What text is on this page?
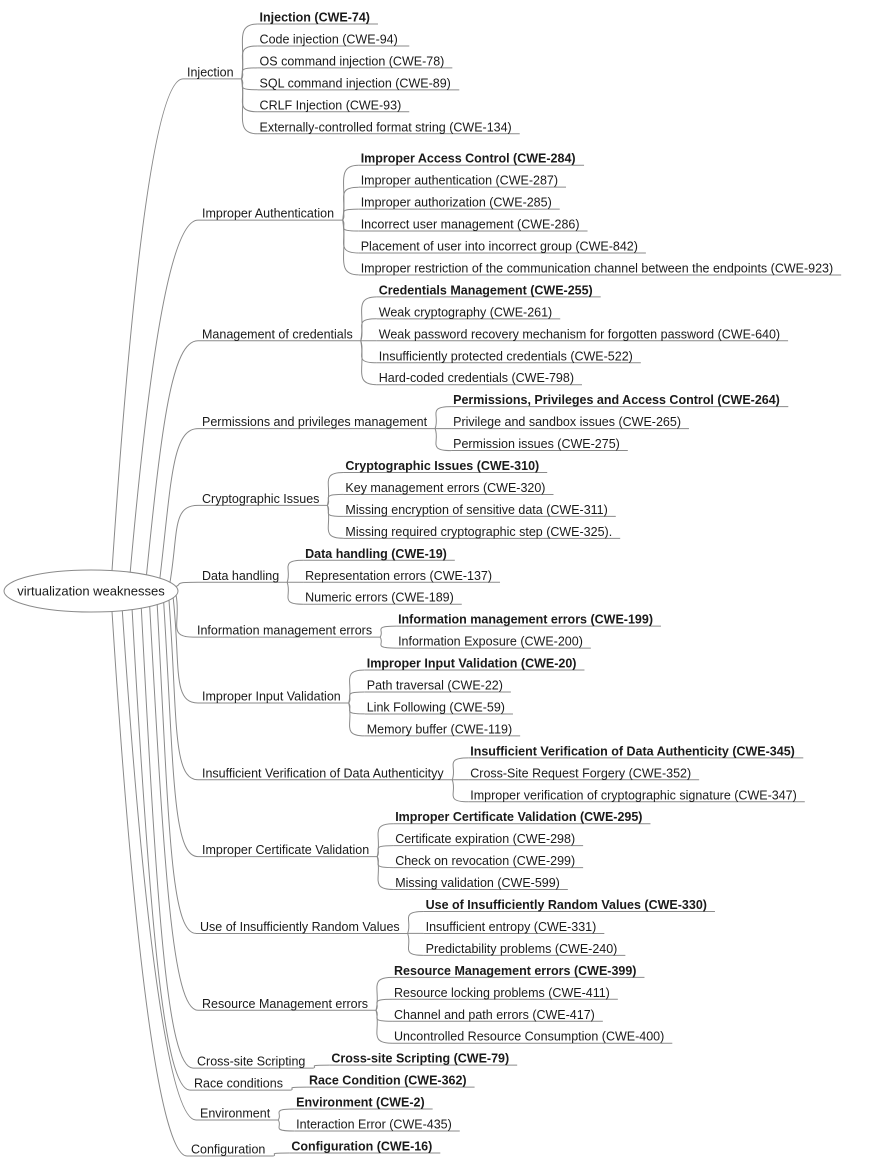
Injection
Injection (CWE-74)
Code injection (CWE-94)
OS command injection (CWE-78)
SQL command injection (CWE-89)
CRLF Injection (CWE-93)
Externally-controlled format string (CWE-134)
Improper Authentication
Improper Access Control (CWE-284)
Improper authentication (CWE-287)
Improper authorization (CWE-285)
Incorrect user management (CWE-286)
Placement of user into incorrect group (CWE-842)
Improper restriction of the communication channel between the endpoints (CWE-923)
Management of credentials
Credentials Management (CWE-255)
Weak cryptography (CWE-261)
Weak password recovery mechanism for forgotten password (CWE-640)
Insufficiently protected credentials (CWE-522)
Hard-coded credentials (CWE-798)
Permissions and privileges management
Permissions, Privileges and Access Control (CWE-264)
Privilege and sandbox issues (CWE-265)
Permission issues (CWE-275)
Cryptographic Issues
Cryptographic Issues (CWE-310)
Key management errors (CWE-320)
Missing encryption of sensitive data (CWE-311)
Missing required cryptographic step (CWE-325).
Data handling
Data handling (CWE-19)
Representation errors (CWE-137)
Numeric errors (CWE-189)
Information management errors
Information management errors (CWE-199)
Information Exposure (CWE-200)
Improper Input Validation
Improper Input Validation (CWE-20)
Path traversal (CWE-22)
Link Following (CWE-59)
Memory buffer (CWE-119)
Insufficient Verification of Data Authenticityy
Insufficient Verification of Data Authenticity (CWE-345)
Cross-Site Request Forgery (CWE-352)
Improper verification of cryptographic signature (CWE-347)
Improper Certificate Validation
Improper Certificate Validation (CWE-295)
Certificate expiration (CWE-298)
Check on revocation (CWE-299)
Missing validation (CWE-599)
Use of Insufficiently Random Values
Use of Insufficiently Random Values (CWE-330)
Insufficient entropy (CWE-331)
Predictability problems (CWE-240)
Resource Management errors
Resource Management errors (CWE-399)
Resource locking problems (CWE-411)
Channel and path errors (CWE-417)
Uncontrolled Resource Consumption (CWE-400)
Cross-site Scripting Cross-site Scripting (CWE-79)
Race conditions Race Condition (CWE-362)
Environment
Environment (CWE-2)
Interaction Error (CWE-435)
Configuration Configuration (CWE-16)
virtualization weaknesses
